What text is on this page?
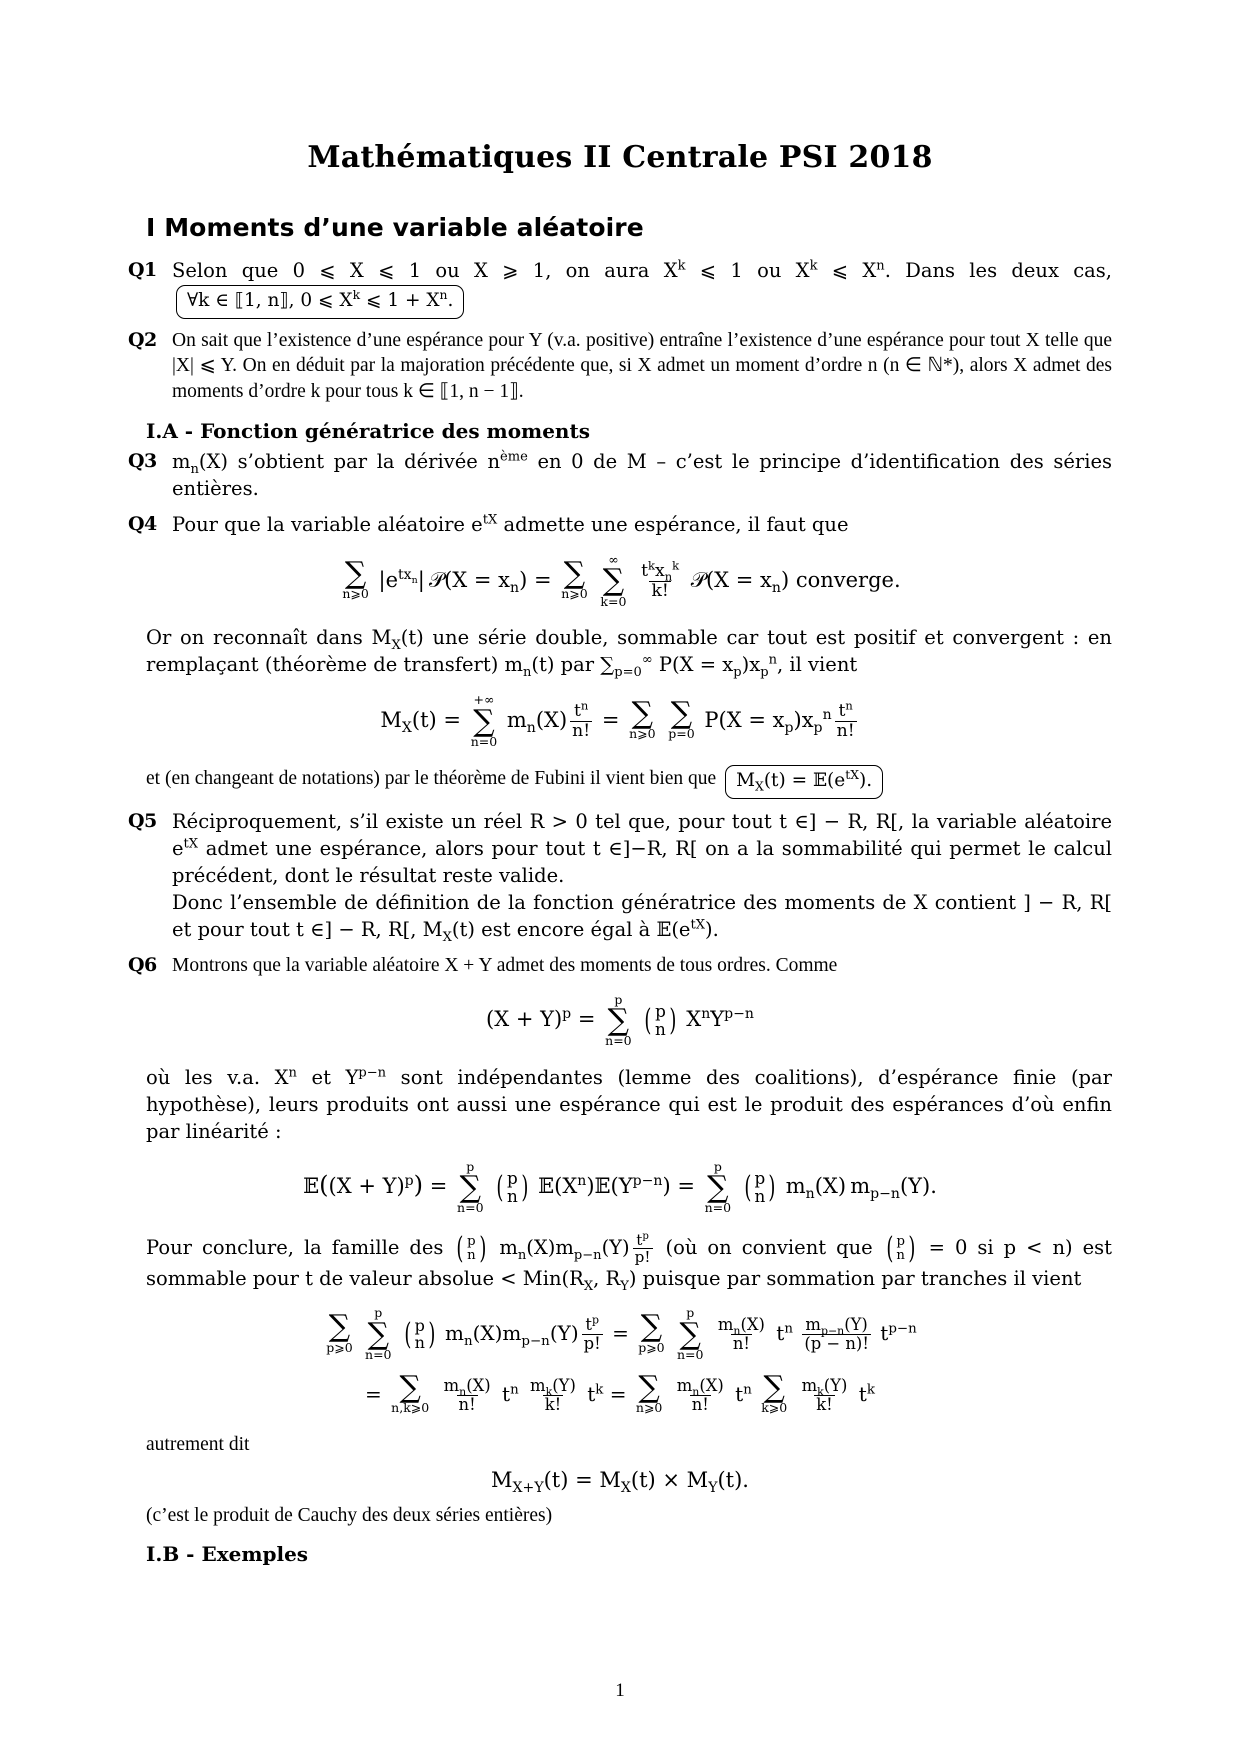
Mathématiques II Centrale PSI 2018
I Moments d’une variable aléatoire
Q1 Selon que 0 ⩽ X ⩽ 1 ou X ⩾ 1, on aura $X^k$ ⩽ 1 ou $X^k$ ⩽ $X^n$. Dans les deux cas, ∀k ∈ ⟦1, n⟧, 0 ⩽ $X^k$ ⩽ $1 + X^n$.
Q2 On sait que l’existence d’une espérance pour Y (v.a. positive) entraîne l’existence d’une espérance pour tout X telle que |X| ⩽ Y. On en déduit par la majoration précédente que, si X admet un moment d’ordre n (n ∈ ℕ*), alors X admet des moments d’ordre k pour tous k ∈ ⟦1, n − 1⟧.
I.A - Fonction génératrice des moments
Q3 $m_n(X)$ s’obtient par la dérivée $n^{ème}$ en 0 de M – c’est le principe d’identification des séries entières.
Q4 Pour que la variable aléatoire $e^{tX}$ admette une espérance, il faut que
∑
n⩾0
$|e^{tx_n}|$ 𝒫(X = $x_n$) = ∑
n⩾0

∞
∑
k=0

$\frac{t^kx_n^k}{k!}$ 𝒫(X = $x_n$) converge.
Or on reconnaît dans $M_X(t)$ une série double, sommable car tout est positif et convergent : en remplaçant (théorème de transfert) $m_n(t)$ par $\sum_{p=0}^\infty$ $P(X = x_p)x_p^n$, il vient
$M_X(t)$ =
+∞
∑
n=0
$m_n(X) \frac{t^n}{n!}$ = ∑
n⩾0

∑
p=0
$P(X = x_p)x_p^n \frac{t^n}{n!}$
et (en changeant de notations) par le théorème de Fubini il vient bien que $M_X(t)$ = $𝔼(e^{tX})$.
Q5 Réciproquement, s’il existe un réel R > 0 tel que, pour tout t ∈] − R, R[, la variable aléatoire $e^{tX}$ admet une espérance, alors pour tout t ∈]−R, R[ on a la sommabilité qui permet le calcul précédent, dont le résultat reste valide.
Donc l’ensemble de définition de la fonction génératrice des moments de X contient ] − R, R[ et pour tout t ∈] − R, R[, $M_X(t)$ est encore égal à $𝔼(e^{tX})$.
Q6 Montrons que la variable aléatoire X + Y admet des moments de tous ordres. Comme
$(X + Y)^p$ =
p
∑
n=0

( p
n ) $X^nY^{p-n}$
où les v.a. $X^n$ et $Y^{p-n}$ sont indépendantes (lemme des coalitions), d’espérance finie (par hypothèse), leurs produits ont aussi une espérance qui est le produit des espérances d’où enfin par linéarité :
𝔼((X + Y)$^p$) =
p
∑
n=0

( p
n ) $𝔼(X^n)𝔼(Y^{p-n})$ =
p
∑
n=0

( p
n ) $m_n(X)$ $m_{p-n}(Y)$.
Pour conclure, la famille des ( p
n ) $m_n(X)m_{p-n}(Y) \frac{t^p}{p!}$ (où on convient que ( p
n ) = 0 si p < n) est sommable pour t de valeur absolue < $Min(R_X$, $R_Y$) puisque par sommation par tranches il vient
∑
p⩾0

p
∑
n=0

( p
n ) $m_n(X)m_{p-n}(Y) \frac{t^p}{p!}$ = ∑
p⩾0

p
∑
n=0

$\frac{m_n(X)}{n!} t^n \frac{m_{p-n}(Y)}{(p - n)!} t^{p-n}$
= ∑
n,k⩾0
$\frac{m_n(X)}{n!} t^n \frac{m_k(Y)}{k!} t^k$ = ∑
n⩾0
$\frac{m_n(X)}{n!} t^n$ ∑
k⩾0
$\frac{m_k(Y)}{k!} t^k$
autrement dit
$M_{X+Y}(t) = M_X(t) \times M_Y(t)$.
(c’est le produit de Cauchy des deux séries entières)
I.B - Exemples
1
